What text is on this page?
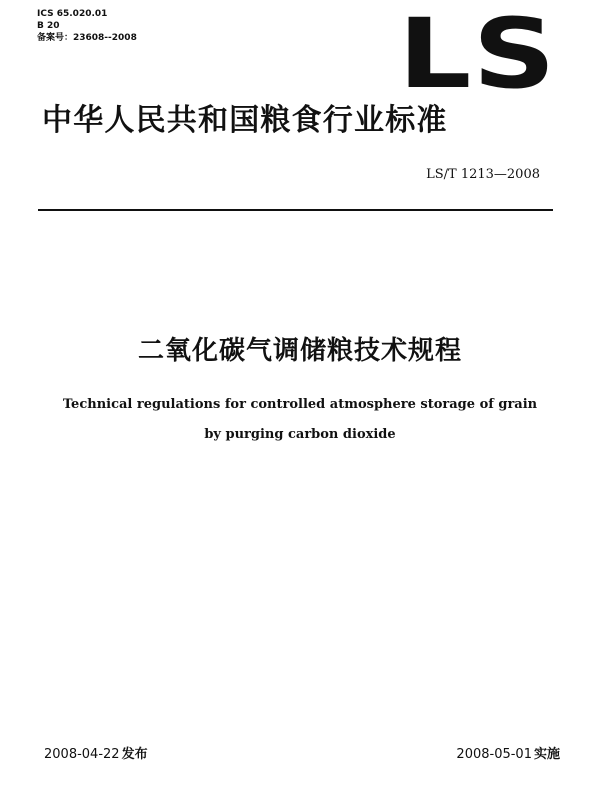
ICS 65.020.01
B 20
备案号：23608--2008	LS
中华人民共和国粮食行业标准
LS/T 1213—2008
二氧化碳气调储粮技术规程
Technical regulations for controlled atmosphere storage of grain
by purging carbon dioxide
2008-04-22 发布	2008-05-01 实施
